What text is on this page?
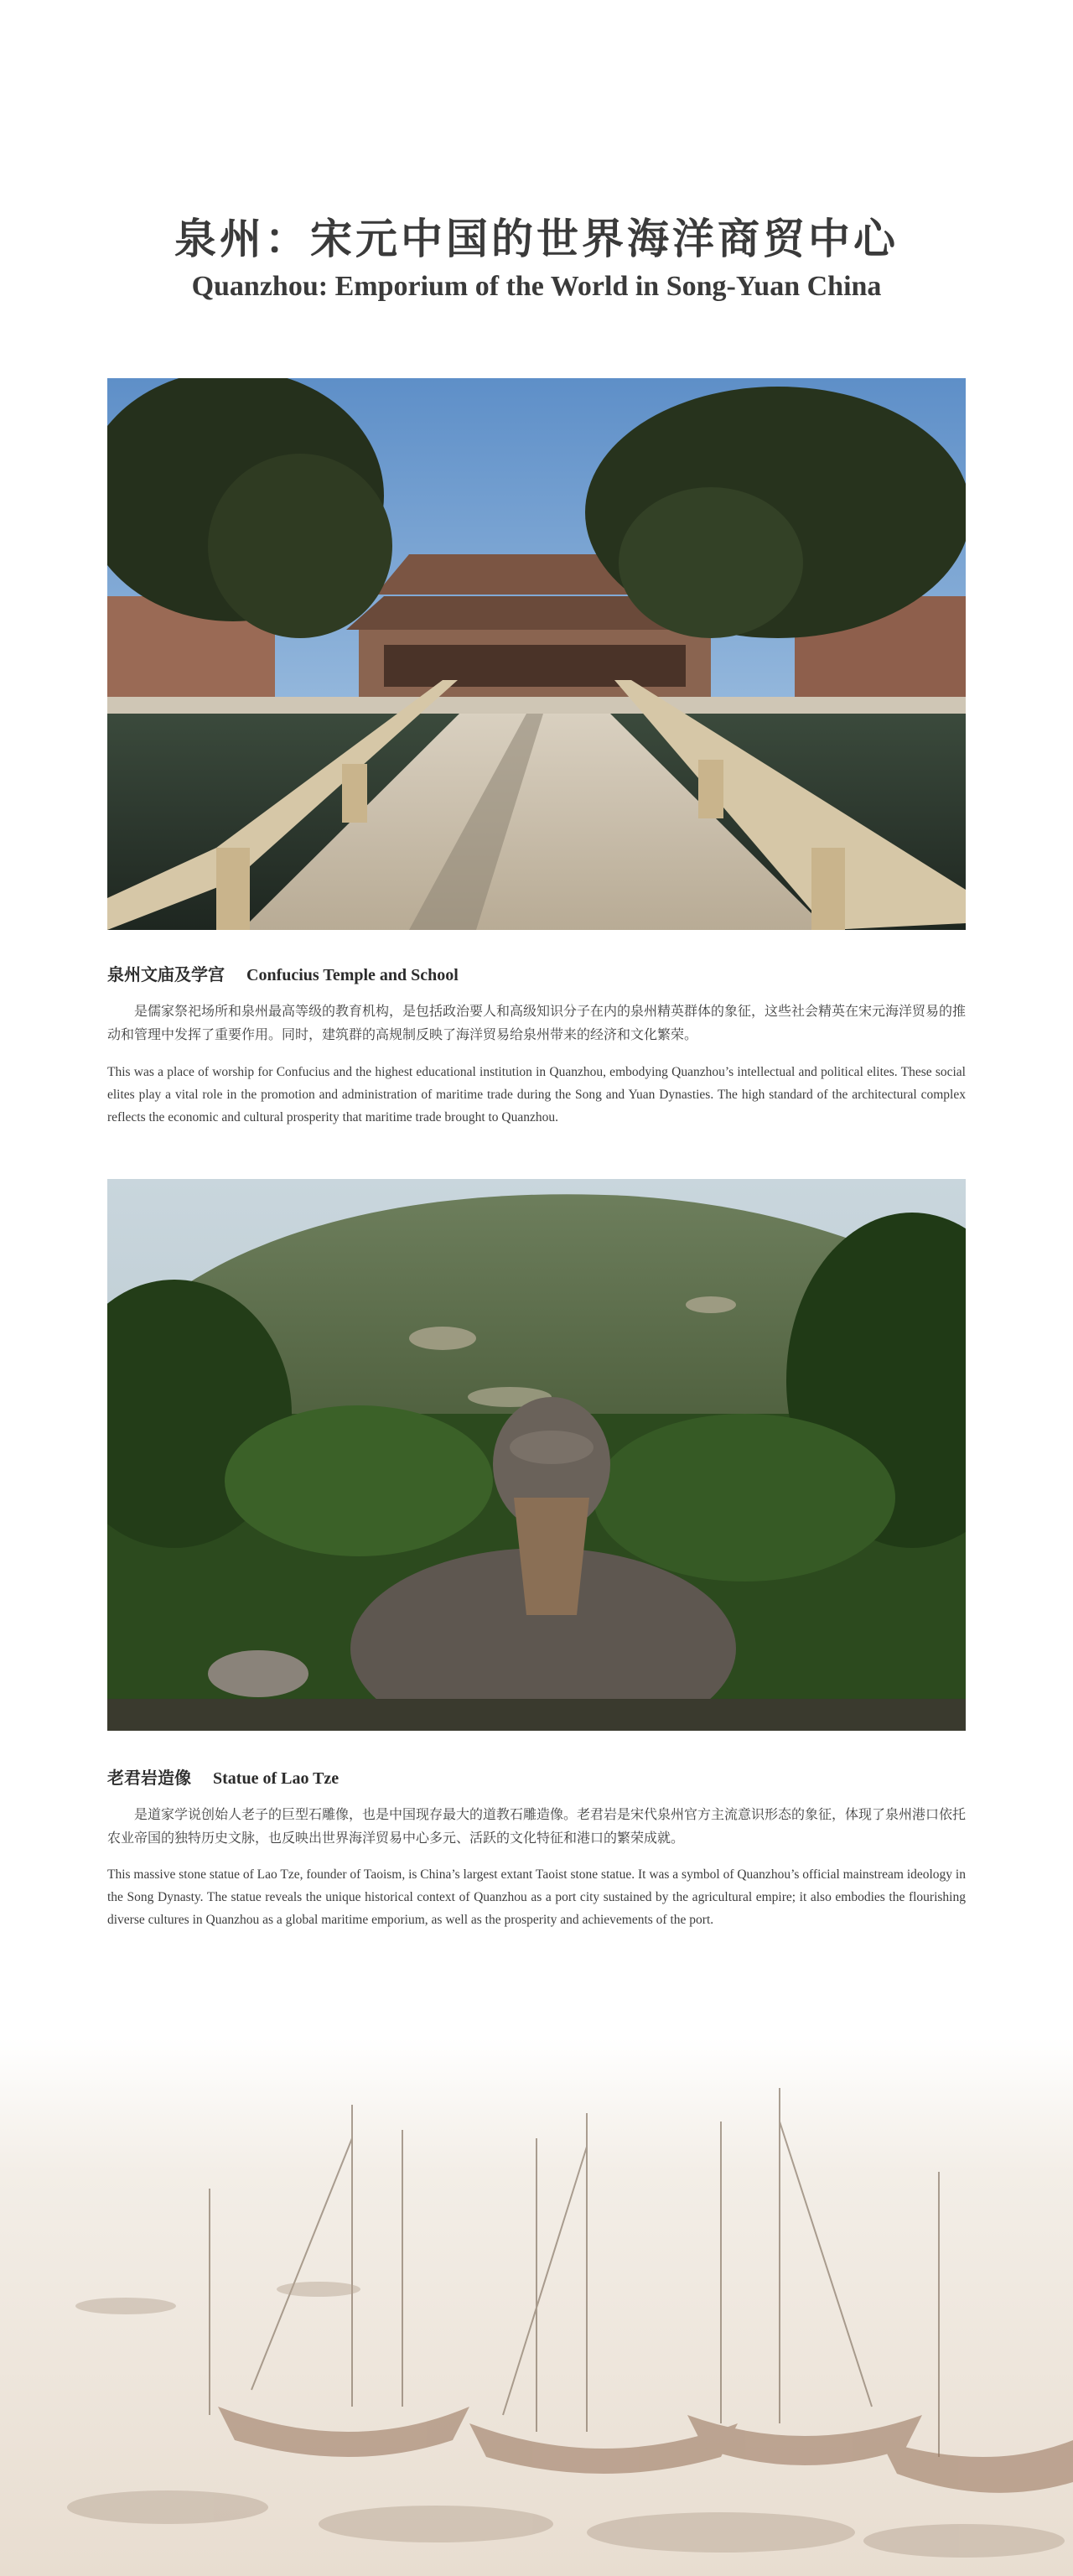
泉州：宋元中国的世界海洋商贸中心
Quanzhou: Emporium of the World in Song-Yuan China
泉州文庙及学宫 Confucius Temple and School

是儒家祭祀场所和泉州最高等级的教育机构，是包括政治要人和高级知识分子在内的泉州精英群体的象征，这些社会精英在宋元海洋贸易的推动和管理中发挥了重要作用。同时，建筑群的高规制反映了海洋贸易给泉州带来的经济和文化繁荣。

This was a place of worship for Confucius and the highest educational institution in Quanzhou, embodying Quanzhou’s intellectual and political elites. These social elites play a vital role in the promotion and administration of maritime trade during the Song and Yuan Dynasties. The high standard of the architectural complex reflects the economic and cultural prosperity that maritime trade brought to Quanzhou.

老君岩造像 Statue of Lao Tze

是道家学说创始人老子的巨型石雕像，也是中国现存最大的道教石雕造像。老君岩是宋代泉州官方主流意识形态的象征，体现了泉州港口依托农业帝国的独特历史文脉，也反映出世界海洋贸易中心多元、活跃的文化特征和港口的繁荣成就。

This massive stone statue of Lao Tze, founder of Taoism, is China’s largest extant Taoist stone statue. It was a symbol of Quanzhou’s official mainstream ideology in the Song Dynasty. The statue reveals the unique historical context of Quanzhou as a port city sustained by the agricultural empire; it also embodies the flourishing diverse cultures in Quanzhou as a global maritime emporium, as well as the prosperity and achievements of the port.
